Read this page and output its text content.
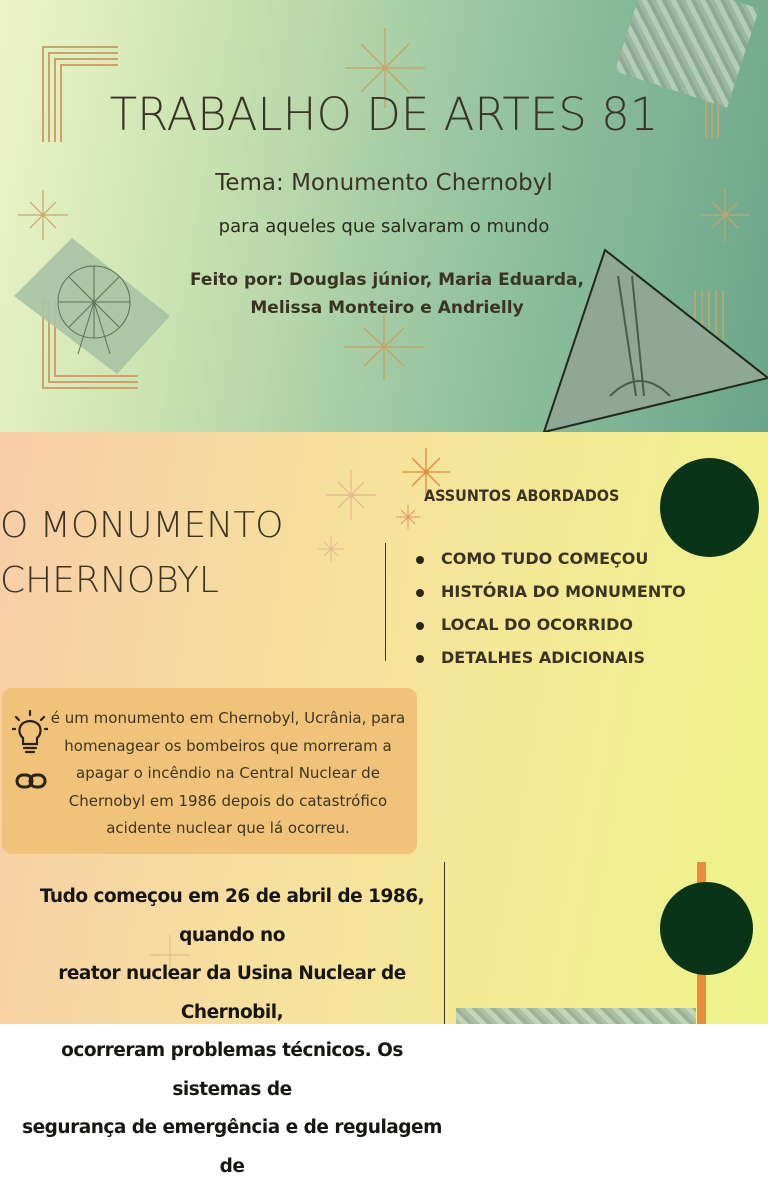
TRABALHO DE ARTES 81
Tema: Monumento Chernobyl
para aqueles que salvaram o mundo
Feito por: Douglas júnior, Maria Eduarda,
Melissa Monteiro e Andrielly
O MONUMENTO
CHERNOBYL
ASSUNTOS ABORDADOS
COMO TUDO COMEÇOU
HISTÓRIA DO MONUMENTO
LOCAL DO OCORRIDO
DETALHES ADICIONAIS
é um monumento em Chernobyl, Ucrânia, para
homenagear os bombeiros que morreram a
apagar o incêndio na Central Nuclear de
Chernobyl em 1986 depois do catastrófico
acidente nuclear que lá ocorreu.
Tudo começou em 26 de abril de 1986, quando no
reator nuclear da Usina Nuclear de Chernobil,
ocorreram problemas técnicos. Os sistemas de
segurança de emergência e de regulagem de
